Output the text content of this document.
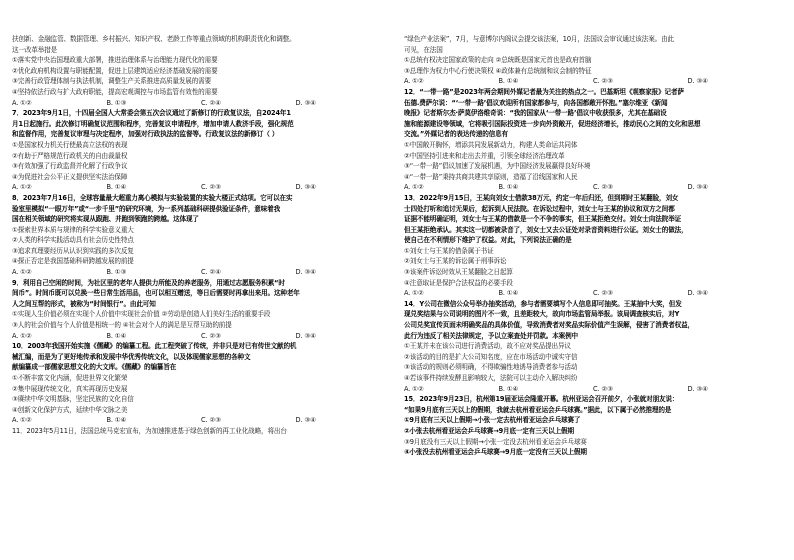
扶创新、金融监管、数据管理、乡村振兴、知识产权、老龄工作等重点领域的机构职责优化和调整。
这一改革举措是
①落实党中央治国理政重大部署，推进治理体系与治理能力现代化的需要
②优化政府机构设置与职能配置，促进上层建筑适应经济基础发展的需要
③完善行政管理体制与执法机制，调整生产关系推进高质量发展的需要
④坚持依法行政与扩大政府职能，提高宏观调控与市场监管有效性的需要
A. ①②	B. ①③	C. ②④	D. ③④
7．2023年9月1日，十四届全国人大常委会第五次会议通过了新修订的行政复议法，自2024年1
月1日起施行。此次修订明确复议范围和程序，完善复议申请程序，增加申请人救济手段，强化规范
和监督作用，完善复议审理与决定程序，加强对行政执法的监督等。行政复议法的新修订（ ）
①是国家权力机关行使最高立法权的表现
②有助于严格规范行政机关的自由裁量权
③有效加强了行政监督并化解了行政争议
④为促进社会公平正义提供坚实法治保障
A. ①②	B. ①④	C. ②③	D. ③④
8．2023年7月16日，全球容量最大超重力离心模拟与实验装置的实验大楼正式结项。它可以在实
验室里模拟“一眼万年”或“一步千里”的研究环境，为一系列基础科研提供验证条件，意味着我
国在相关领域的研究将实现从跟跑、并跑到领跑的跨越。这体现了
①探索世界本质与规律的科学实验意义重大
②人类的科学实践活动具有社会历史性特点
③追求真理要经历从认识到实践的多次反复
④探正否定是我国基础科研跨越发展的前提
A. ①②	B. ①③	C. ②④	D. ③④
9．利用自己空闲的时间，为社区里的老年人提供力所能及的养老服务，用通过志愿服务积累“时
间币”。时间币既可以兑换一些日常生活用品，也可以相互赠送，等日后需要时再拿出来用。这种老年
人之间互帮的形式，被称为“时间银行”。由此可知
①实现人生价值必须在实现个人价值中实现社会价值 ②劳动是创造人们美好生活的重要手段
③人的社会价值与个人价值是相统一的 ④社会对个人的满足是互帮互助的前提
A. ①②	B. ①④	C. ②③	D. ③④
10．2003年我国开始实施《儒藏》的编纂工程。此工程突破了传统，并非只是对已有传世文献的机
械汇编，而是为了更好地传承和发展中华优秀传统文化，以及体现儒家思想的各种文
献编纂成一部儒家思想文化的大文库。《儒藏》的编纂旨在
①不断丰富文化内涵，促进世界文化繁荣
②集中展现传统文化，真实再现历史发展
③赓续中华文明基脉，坚定民族的文化自信
④创新文化保护方式，延续中华文脉之美
A. ①②	B. ①④	C. ②③	D. ③④
11．2023年5月11日，法国总统马克宏宣布，为加速推进基于绿色创新的再工业化战略，将出台
“绿色产业法案”，7月，与意博尔内阁议会提交该法案，10月，法国议会审议通过该法案。由此
可见，在法国
①总统有权决定国家政策的走向 ②总统既是国家元首也是政府首脑
③总理作为权力中心行使决策权 ④政体兼有总统制和议会制的特征
A. ①②	B. ①④	C. ②③	D. ③④
12．“一带一路”是2023年两会期间外媒记者最为关注的热点之一。巴基斯坦《观察家报》记者萨
伍德.费萨尔说：“‘一带一路’倡议欢迎所有国家都参与，向各国都敞开怀抱。”塞尔维亚《新闻
晚报》记者斯尔杰·萨莫伊洛维奇说：“我的国家从‘一带一路’倡议中收获很多，尤其在基础设
施和能源建设等领域，它将吸引国际投资进一步向外资敞开，促进经济增长，推动民心之间的文化和思想
交流。”外媒记者的表达传递的信息有
①中国敞开胸怀，增添共同发展新动力，构建人类命运共同体
②中国坚持引进来和走出去并重，引领全球经济治理改革
③“一带一路”倡议加速了发展机遇，为中国经济发展赢得良好环境
④“一带一路”秉持共商共建共享原则，造福了沿线国家和人民
A. ①②	B. ①④	C. ②③	D. ③④
13．2022年9月15日，王某向刘女士借款38万元，约定一年后归还，但到期时王某翻脸，刘女
士四处打听和追讨无果后，起诉到人民法院。在诉讼过程中，刘女士与王某的协议和双方之间都
证据不能明确证明，刘女士与王某的借款是一个不争的事实，但王某拒绝交付。刘女士向法院举证
但王某拒绝承认。其实这一切都被录音了，刘女士又去公证处对录音资料进行公证。刘女士的做法，
使自己在不利情形下维护了权益。对此，下列说法正确的是
①刘女士与王某的借条属于书证
②刘女士与王某的诉讼属于刑事诉讼
③该案件诉讼时效从王某翻脸之日起算
④注意取证是保护合法权益的必要手段
A. ①②	B. ①④	C. ②③	D. ③④
14．Y公司在微信公众号举办抽奖活动，参与者需要填写个人信息即可抽奖。王某抽中大奖，但发
现兑奖结果与公司说明的图片不一致，且差距较大，故向市场监管局举报。该局调查核实后，对Y
公司兑奖宣传页面未明确奖品的具体价值，导致消费者对奖品实际价值产生误解，侵害了消费者权益，
此行为违反了相关法律规定，予以立案查处并罚款。本案例中
①王某并未在该公司进行消费活动，故不应对奖品提出异议
②该活动的目的是扩大公司知名度，应在市场活动中诚实守信
③该活动的规则必须明确，不得欺骗性地诱导消费者参与活动
④若该事件持续发酵且影响较大，法院可以主动介入解决纠纷
A. ①②	B. ①④	C. ②③	D. ③④
15．2023年9月23日，杭州第19届亚运会隆重开幕。杭州亚运会召开前夕，小张就对朋友说：
“如果9月底有三天以上的假期，我就去杭州看亚运会乒乓球赛。”据此，以下属于必然推理的是
①9月底有三天以上假期→小张一定去杭州看亚运会乒乓球赛了
②小张去杭州看亚运会乒乓球赛→9月底一定有三天以上假期
③9月底没有三天以上假期→小张一定没去杭州看亚运会乒乓球赛
④小张没去杭州看亚运会乒乓球赛→9月底一定没有三天以上假期
